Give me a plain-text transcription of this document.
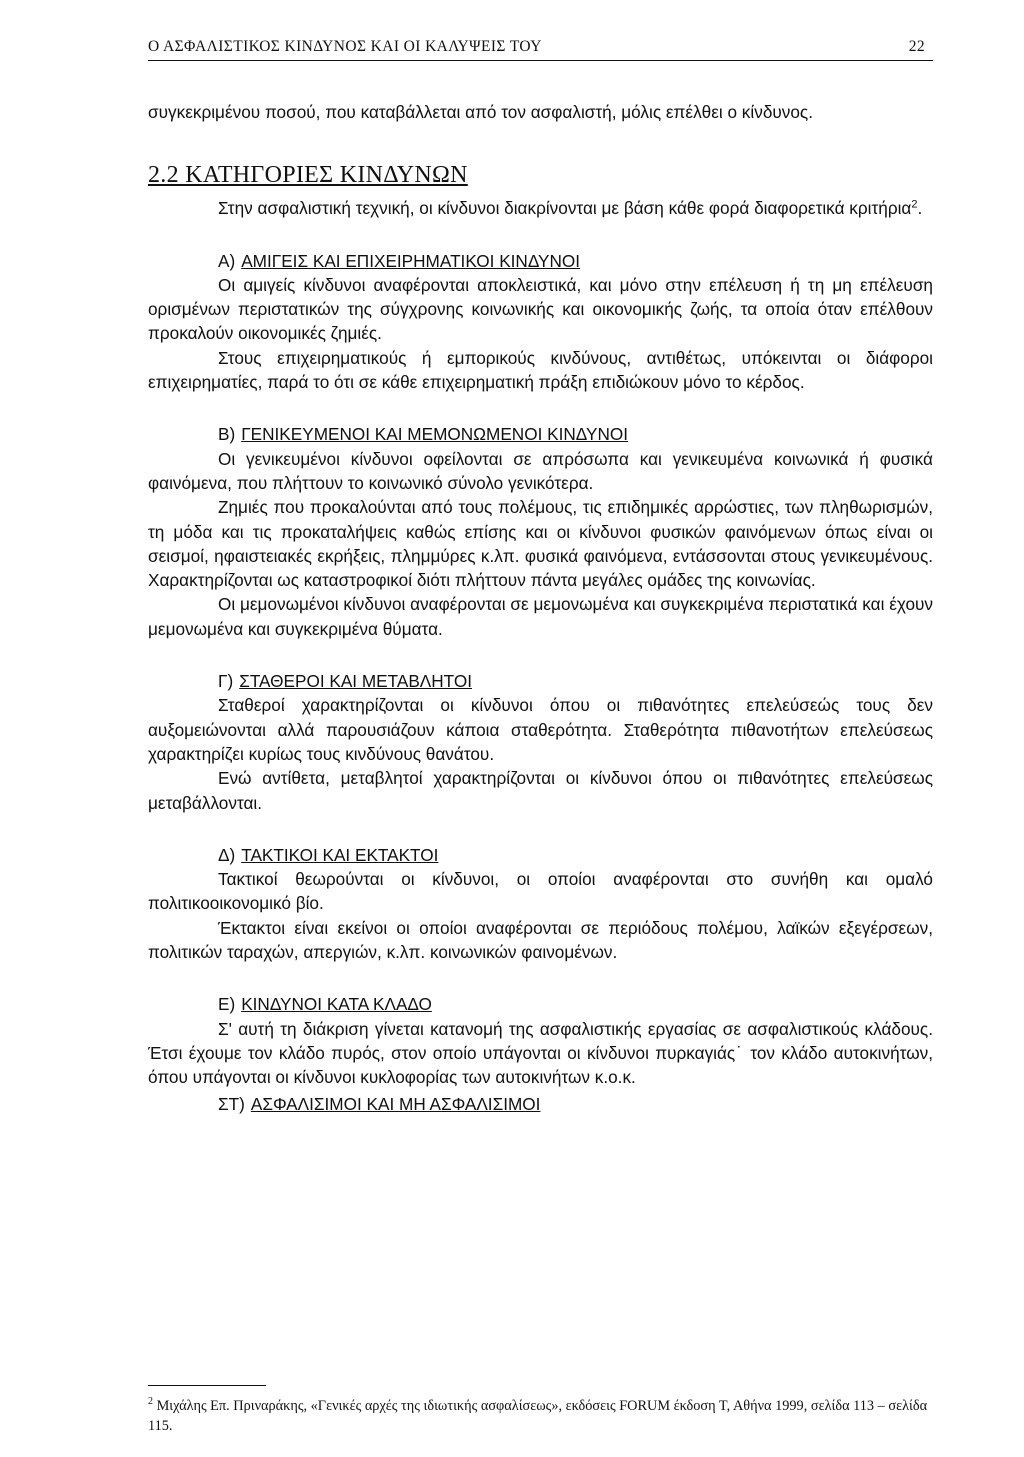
Ο ΑΣΦΑΛΙΣΤΙΚΟΣ ΚΙΝΔΥΝΟΣ ΚΑΙ ΟΙ ΚΑΛΥΨΕΙΣ ΤΟΥ	22

συγκεκριμένου ποσού, που καταβάλλεται από τον ασφαλιστή, μόλις επέλθει ο κίνδυνος.

2.2 ΚΑΤΗΓΟΡΙΕΣ ΚΙΝΔΥΝΩΝ

Στην ασφαλιστική τεχνική, οι κίνδυνοι διακρίνονται με βάση κάθε φορά διαφορετικά κριτήρια$^2$.

Α) ΑΜΙΓΕΙΣ ΚΑΙ ΕΠΙΧΕΙΡΗΜΑΤΙΚΟΙ ΚΙΝΔΥΝΟΙ

Οι αμιγείς κίνδυνοι αναφέρονται αποκλειστικά, και μόνο στην επέλευση ή τη μη επέλευση ορισμένων περιστατικών της σύγχρονης κοινωνικής και οικονομικής ζωής, τα οποία όταν επέλθουν προκαλούν οικονομικές ζημιές.

Στους επιχειρηματικούς ή εμπορικούς κινδύνους, αντιθέτως, υπόκεινται οι διάφοροι επιχειρηματίες, παρά το ότι σε κάθε επιχειρηματική πράξη επιδιώκουν μόνο το κέρδος.

Β) ΓΕΝΙΚΕΥΜΕΝΟΙ ΚΑΙ ΜΕΜΟΝΩΜΕΝΟΙ ΚΙΝΔΥΝΟΙ

Οι γενικευμένοι κίνδυνοι οφείλονται σε απρόσωπα και γενικευμένα κοινωνικά ή φυσικά φαινόμενα, που πλήττουν το κοινωνικό σύνολο γενικότερα.

Ζημιές που προκαλούνται από τους πολέμους, τις επιδημικές αρρώστιες, των πληθωρισμών, τη μόδα και τις προκαταλήψεις καθώς επίσης και οι κίνδυνοι φυσικών φαινόμενων όπως είναι οι σεισμοί, ηφαιστειακές εκρήξεις, πλημμύρες κ.λπ. φυσικά φαινόμενα, εντάσσονται στους γενικευμένους. Χαρακτηρίζονται ως καταστροφικοί διότι πλήττουν πάντα μεγάλες ομάδες της κοινωνίας.

Οι μεμονωμένοι κίνδυνοι αναφέρονται σε μεμονωμένα και συγκεκριμένα περιστατικά και έχουν μεμονωμένα και συγκεκριμένα θύματα.

Γ) ΣΤΑΘΕΡΟΙ ΚΑΙ ΜΕΤΑΒΛΗΤΟΙ

Σταθεροί χαρακτηρίζονται οι κίνδυνοι όπου οι πιθανότητες επελεύσεώς τους δεν αυξομειώνονται αλλά παρουσιάζουν κάποια σταθερότητα. Σταθερότητα πιθανοτήτων επελεύσεως χαρακτηρίζει κυρίως τους κινδύνους θανάτου.

Ενώ αντίθετα, μεταβλητοί χαρακτηρίζονται οι κίνδυνοι όπου οι πιθανότητες επελεύσεως μεταβάλλονται.

Δ) ΤΑΚΤΙΚΟΙ ΚΑΙ ΕΚΤΑΚΤΟΙ

Τακτικοί θεωρούνται οι κίνδυνοι, οι οποίοι αναφέρονται στο συνήθη και ομαλό πολιτικοοικονομικό βίο.

Έκτακτοι είναι εκείνοι οι οποίοι αναφέρονται σε περιόδους πολέμου, λαϊκών εξεγέρσεων, πολιτικών ταραχών, απεργιών, κ.λπ. κοινωνικών φαινομένων.

Ε) ΚΙΝΔΥΝΟΙ ΚΑΤΑ ΚΛΑΔΟ

Σ' αυτή τη διάκριση γίνεται κατανομή της ασφαλιστικής εργασίας σε ασφαλιστικούς κλάδους. Έτσι έχουμε τον κλάδο πυρός, στον οποίο υπάγονται οι κίνδυνοι πυρκαγιάς˙ τον κλάδο αυτοκινήτων, όπου υπάγονται οι κίνδυνοι κυκλοφορίας των αυτοκινήτων κ.ο.κ.

ΣΤ) ΑΣΦΑΛΙΣΙΜΟΙ ΚΑΙ ΜΗ ΑΣΦΑΛΙΣΙΜΟΙ
$^2$ Μιχάλης Επ. Πριναράκης, «Γενικές αρχές της ιδιωτικής ασφαλίσεως», εκδόσεις FORUM έκδοση Τ, Αθήνα 1999, σελίδα 113 – σελίδα 115.
